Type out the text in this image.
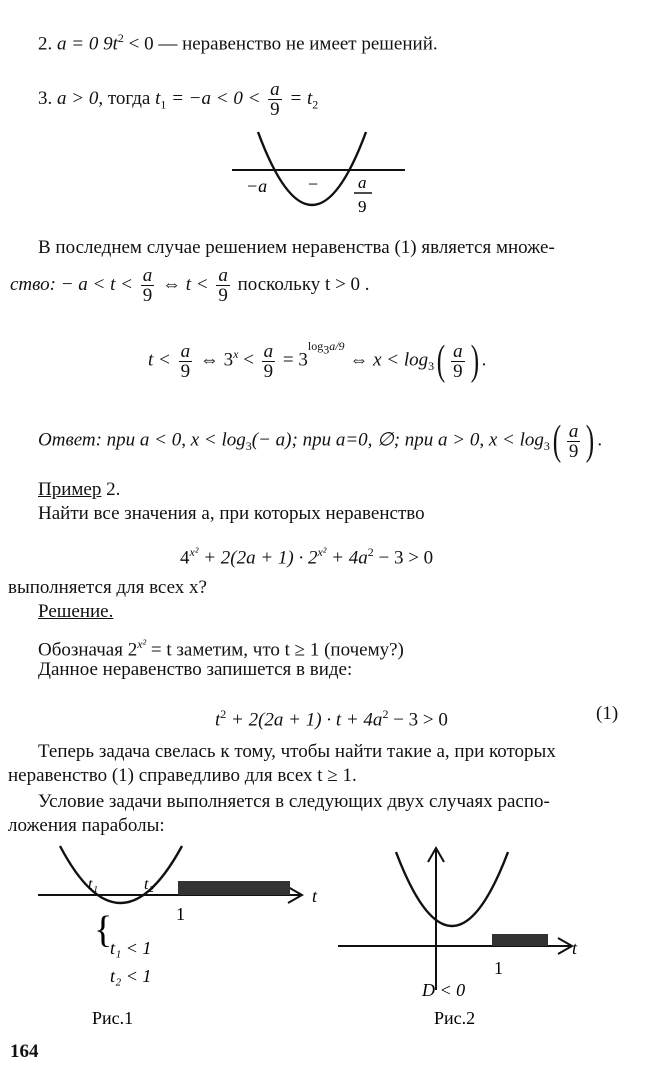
2. a = 0 $9t^2 < 0$ — неравенство не имеет решений.
3. a > 0, тогда $t_1 = -a < 0 < \frac{a}{9} = t_2$
−a − a
9
В последнем случае решением неравенства (1) является множе-
ство: − $a < t < \frac{a}{9}$ ⇔ $t < \frac{a}{9}$ поскольку t > 0 .
$t < \frac{a}{9}$ ⇔ $3^x < \frac{a}{9} = 3^{log_3a/9}$ ⇔ $x < \log_3( \frac{a}{9}$ ) .
Ответ: при a < 0, $x < \log_3(- a)$; при a=0, ∅; при a > 0, $x < \log_3( \frac{a}{9}$ ) .
Пример 2.
Найти все значения a, при которых неравенство
$4^{x^2} + 2(2a + 1) \cdot 2^{x^2} + 4a^2 - 3 > 0$
выполняется для всех x?
Решение.
Обозначая $2^{x^2} = t$ заметим, что t ≥ 1 (почему?)
Данное неравенство запишется в виде:
$t^2 + 2(2a + 1) \cdot t + 4a^2 - 3 > 0$	(1)
Теперь задача свелась к тому, чтобы найти такие a, при которых
неравенство (1) справедливо для всех t ≥ 1.
Условие задачи выполняется в следующих двух случаях распо-
ложения параболы:
t₁	t₂
t
1
{
t₁ < 1
t₂ < 1
Рис.1
t
1
D < 0
Рис.2
164
